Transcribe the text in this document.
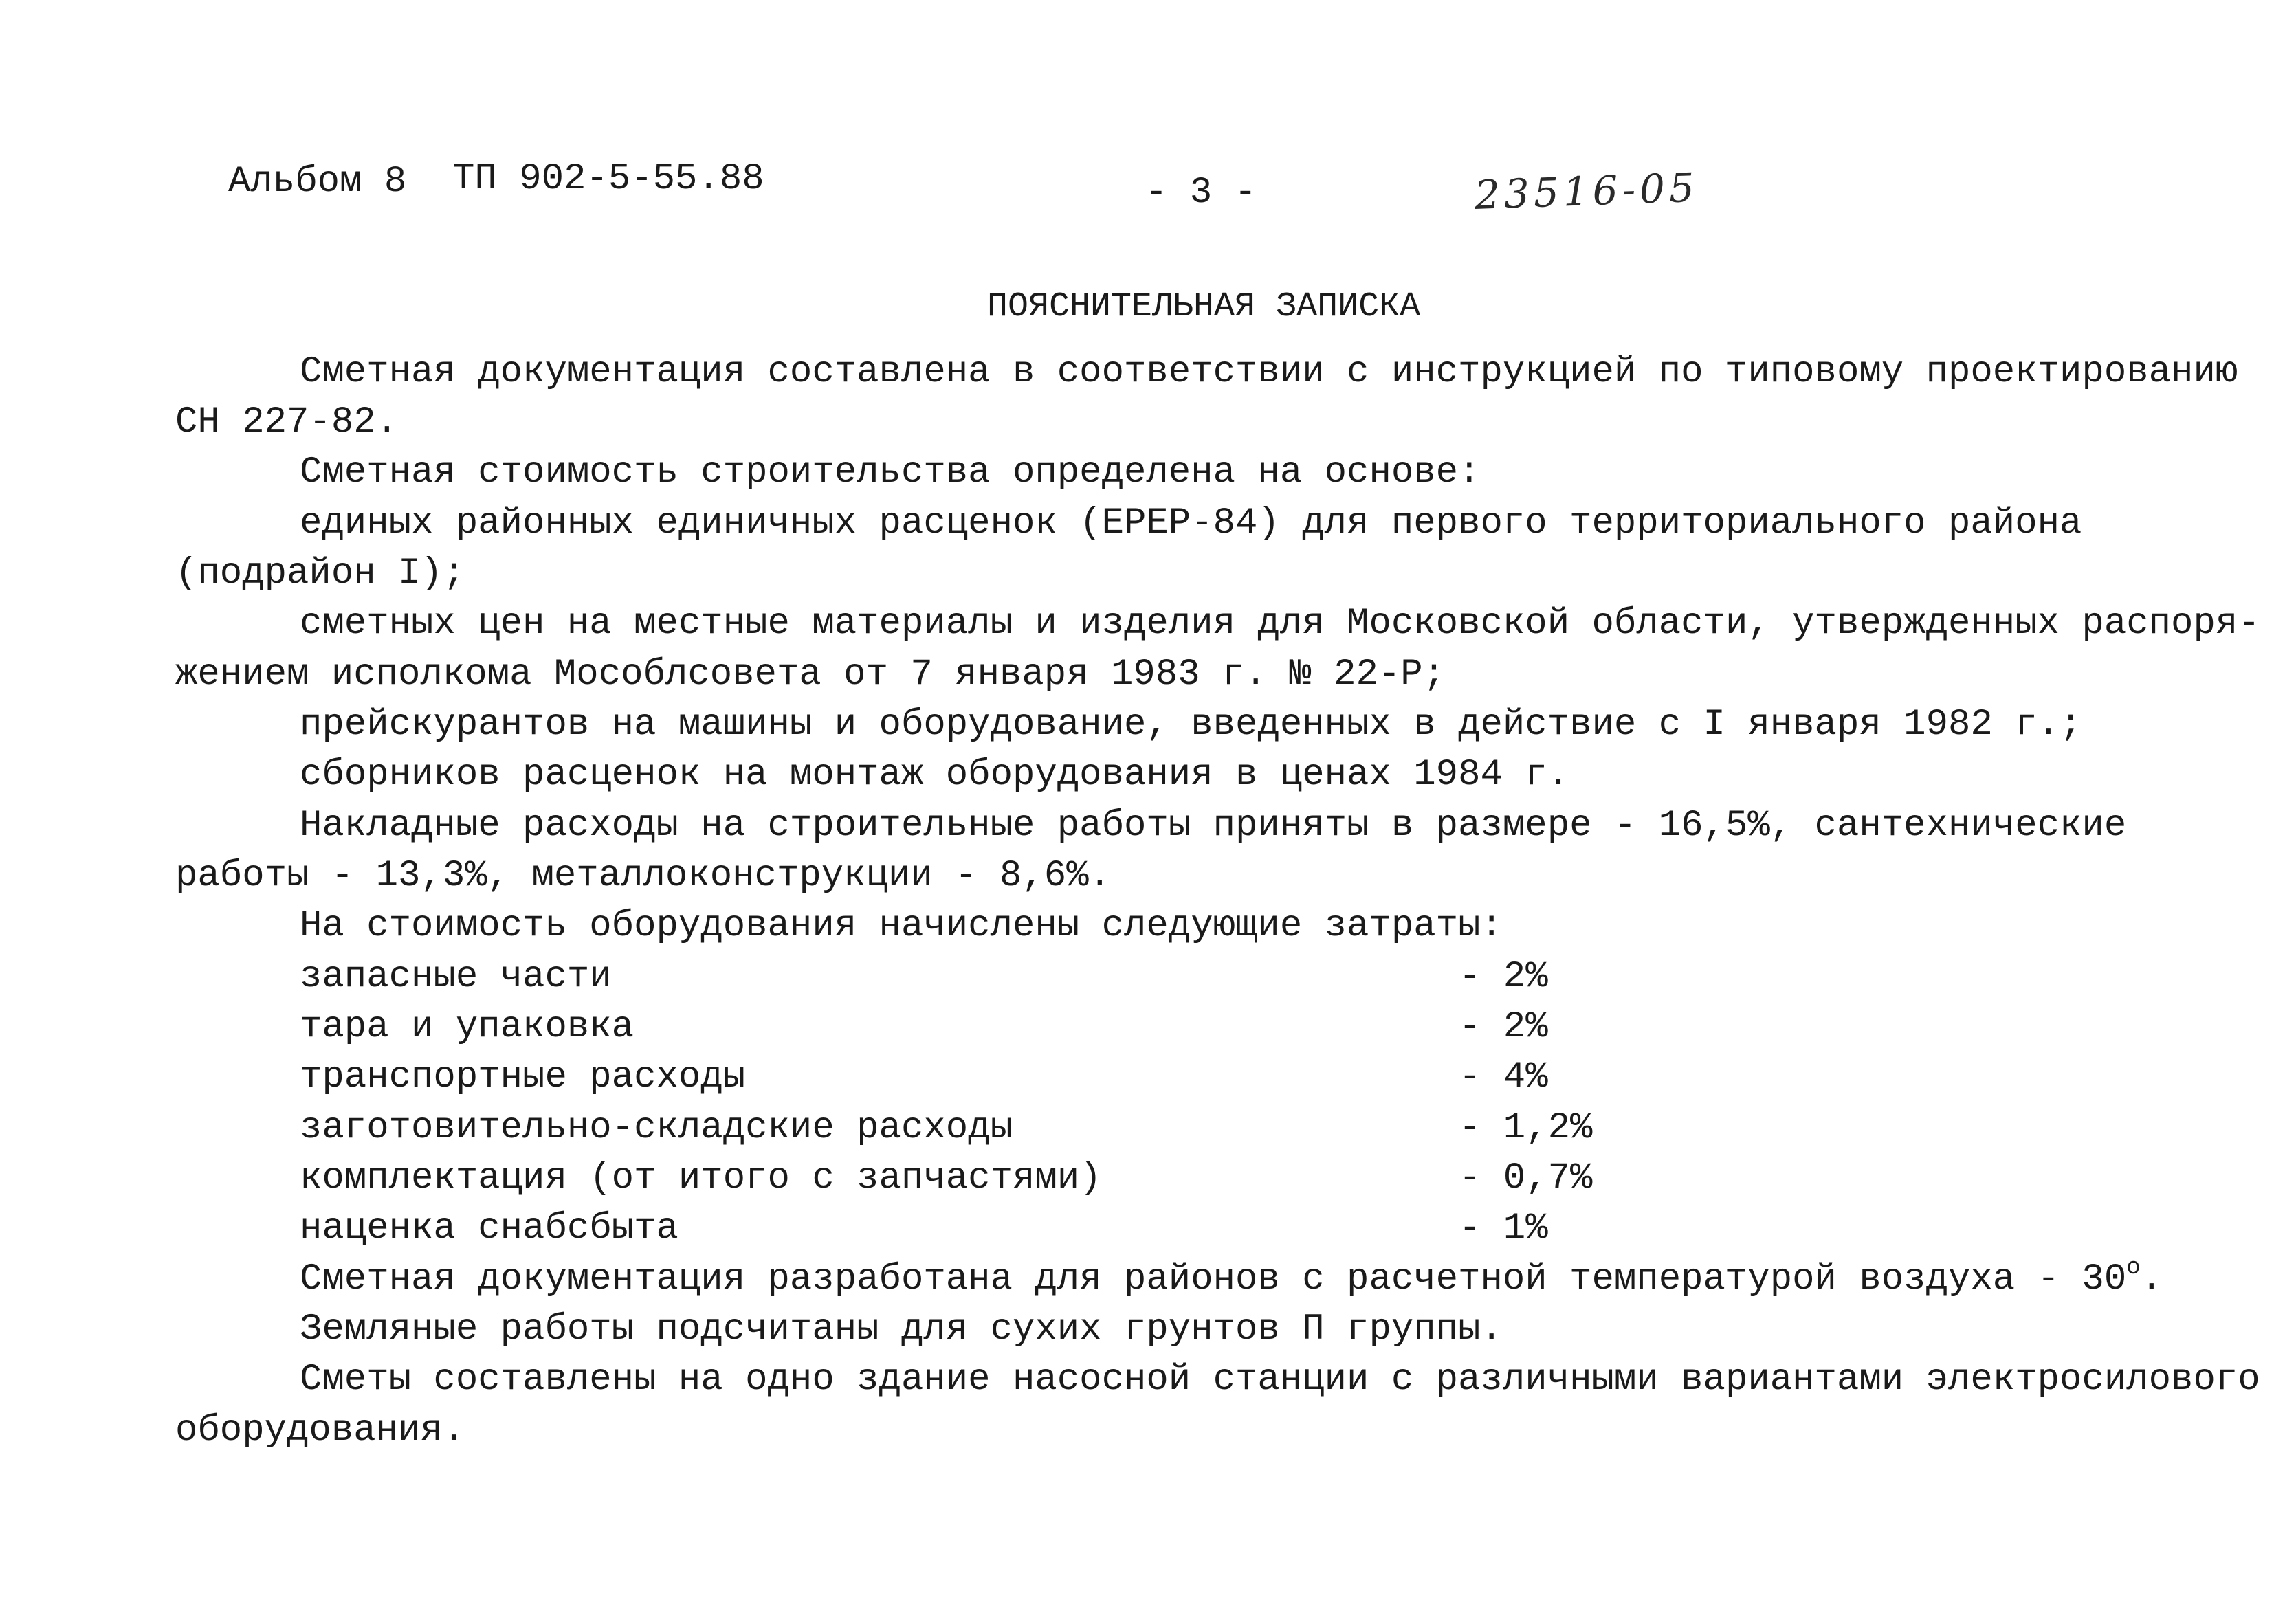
Альбом 8 ТП 902-5-55.88	- 3 -	23516-05
ПОЯСНИТЕЛЬНАЯ ЗАПИСКА
Сметная документация составлена в соответствии с инструкцией по типовому проектированию
СН 227-82.
Сметная стоимость строительства определена на основе:
единых районных единичных расценок (ЕРЕР-84) для первого территориального района
(подрайон I);
сметных цен на местные материалы и изделия для Московской области, утвержденных распоря-
жением исполкома Мособлсовета от 7 января 1983 г. № 22-Р;
прейскурантов на машины и оборудование, введенных в действие с I января 1982 г.;
сборников расценок на монтаж оборудования в ценах 1984 г.
Накладные расходы на строительные работы приняты в размере - 16,5%, сантехнические
работы - 13,3%, металлоконструкции - 8,6%.
На стоимость оборудования начислены следующие затраты:
запасные части	- 2%
тара и упаковка	- 2%
транспортные расходы	- 4%
заготовительно-складские расходы	- 1,2%
комплектация (от итого с запчастями)	- 0,7%
наценка снабсбыта	- 1%
Сметная документация разработана для районов с расчетной температурой воздуха - $30^о$.
Земляные работы подсчитаны для сухих грунтов П группы.
Сметы составлены на одно здание насосной станции с различными вариантами электросилового
оборудования.
